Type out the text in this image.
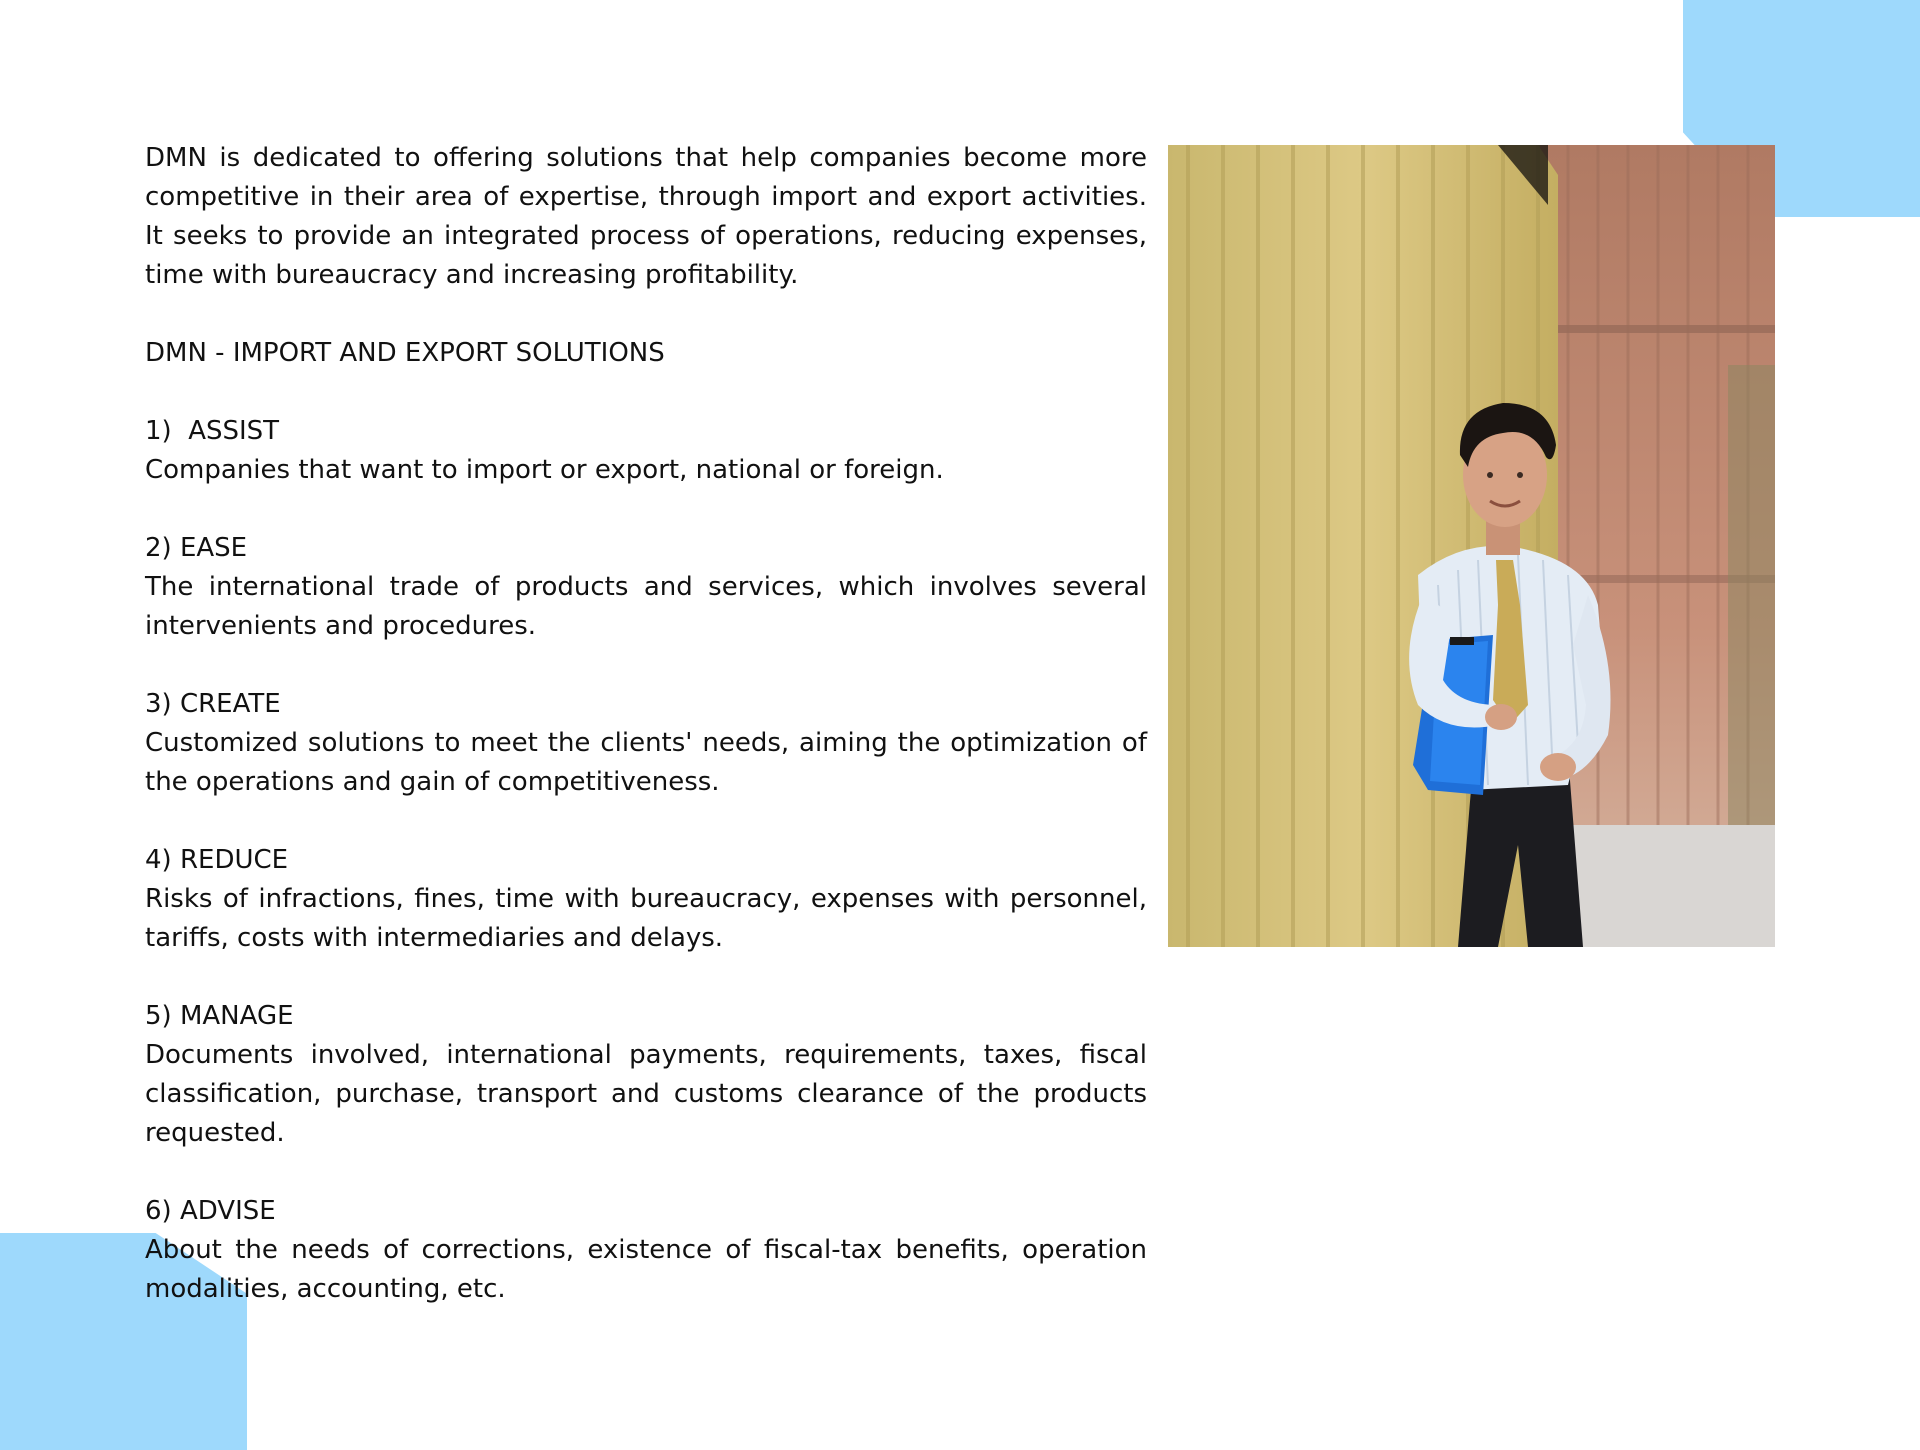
DMN is dedicated to offering solutions that help companies become more competitive in their area of expertise, through import and export activities. It seeks to provide an integrated process of operations, reducing expenses, time with bureaucracy and increasing profitability.

DMN - IMPORT AND EXPORT SOLUTIONS

1)  ASSIST
Companies that want to import or export, national or foreign.

2) EASE
The international trade of products and services, which involves several intervenients and procedures.

3) CREATE
Customized solutions to meet the clients' needs, aiming the optimization of the operations and gain of competitiveness.

4) REDUCE
Risks of infractions, fines, time with bureaucracy, expenses with personnel, tariffs, costs with intermediaries and delays.

5) MANAGE
Documents involved, international payments, requirements, taxes, fiscal classification, purchase, transport and customs clearance of the products requested.

6) ADVISE
About the needs of corrections, existence of fiscal-tax benefits, operation modalities, accounting, etc.
